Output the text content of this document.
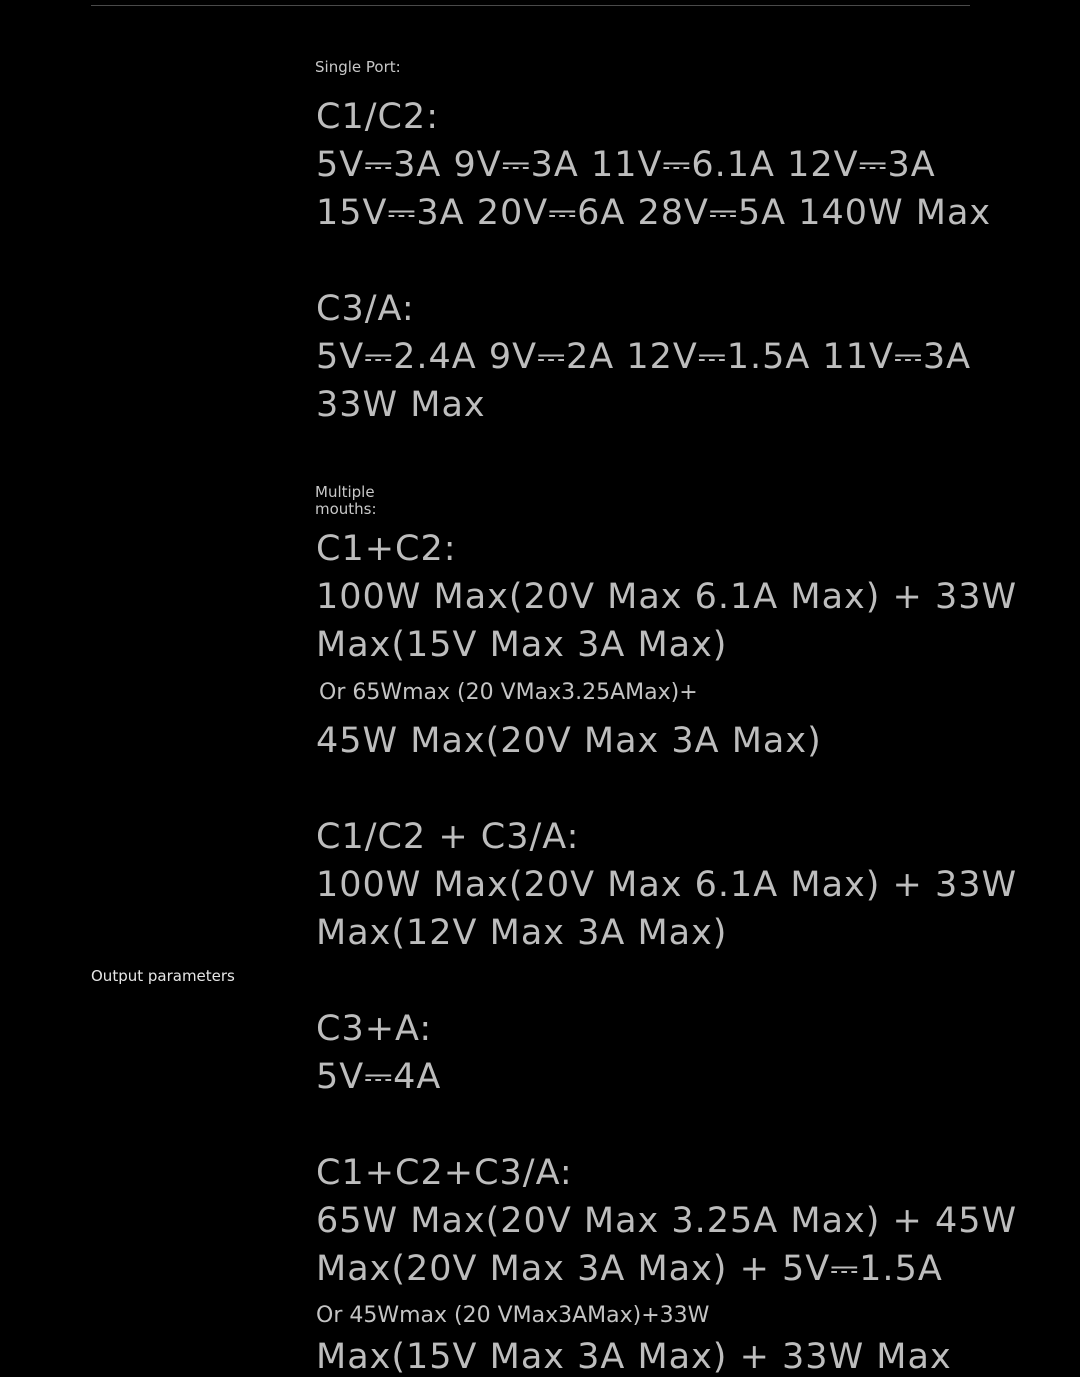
Output parameters
Single Port:
C1/C2:
5V⎓3A 9V⎓3A 11V⎓6.1A 12V⎓3A
15V⎓3A 20V⎓6A 28V⎓5A 140W Max
C3/A:
5V⎓2.4A 9V⎓2A 12V⎓1.5A 11V⎓3A
33W Max
Multiple
mouths:
C1+C2:
100W Max(20V Max 6.1A Max) + 33W
Max(15V Max 3A Max)
Or 65Wmax (20 VMax3.25AMax)+
45W Max(20V Max 3A Max)
C1/C2 + C3/A:
100W Max(20V Max 6.1A Max) + 33W
Max(12V Max 3A Max)
C3+A:
5V⎓4A
C1+C2+C3/A:
65W Max(20V Max 3.25A Max) + 45W
Max(20V Max 3A Max) + 5V⎓1.5A
Or 45Wmax (20 VMax3AMax)+33W
Max(15V Max 3A Max) + 33W Max
